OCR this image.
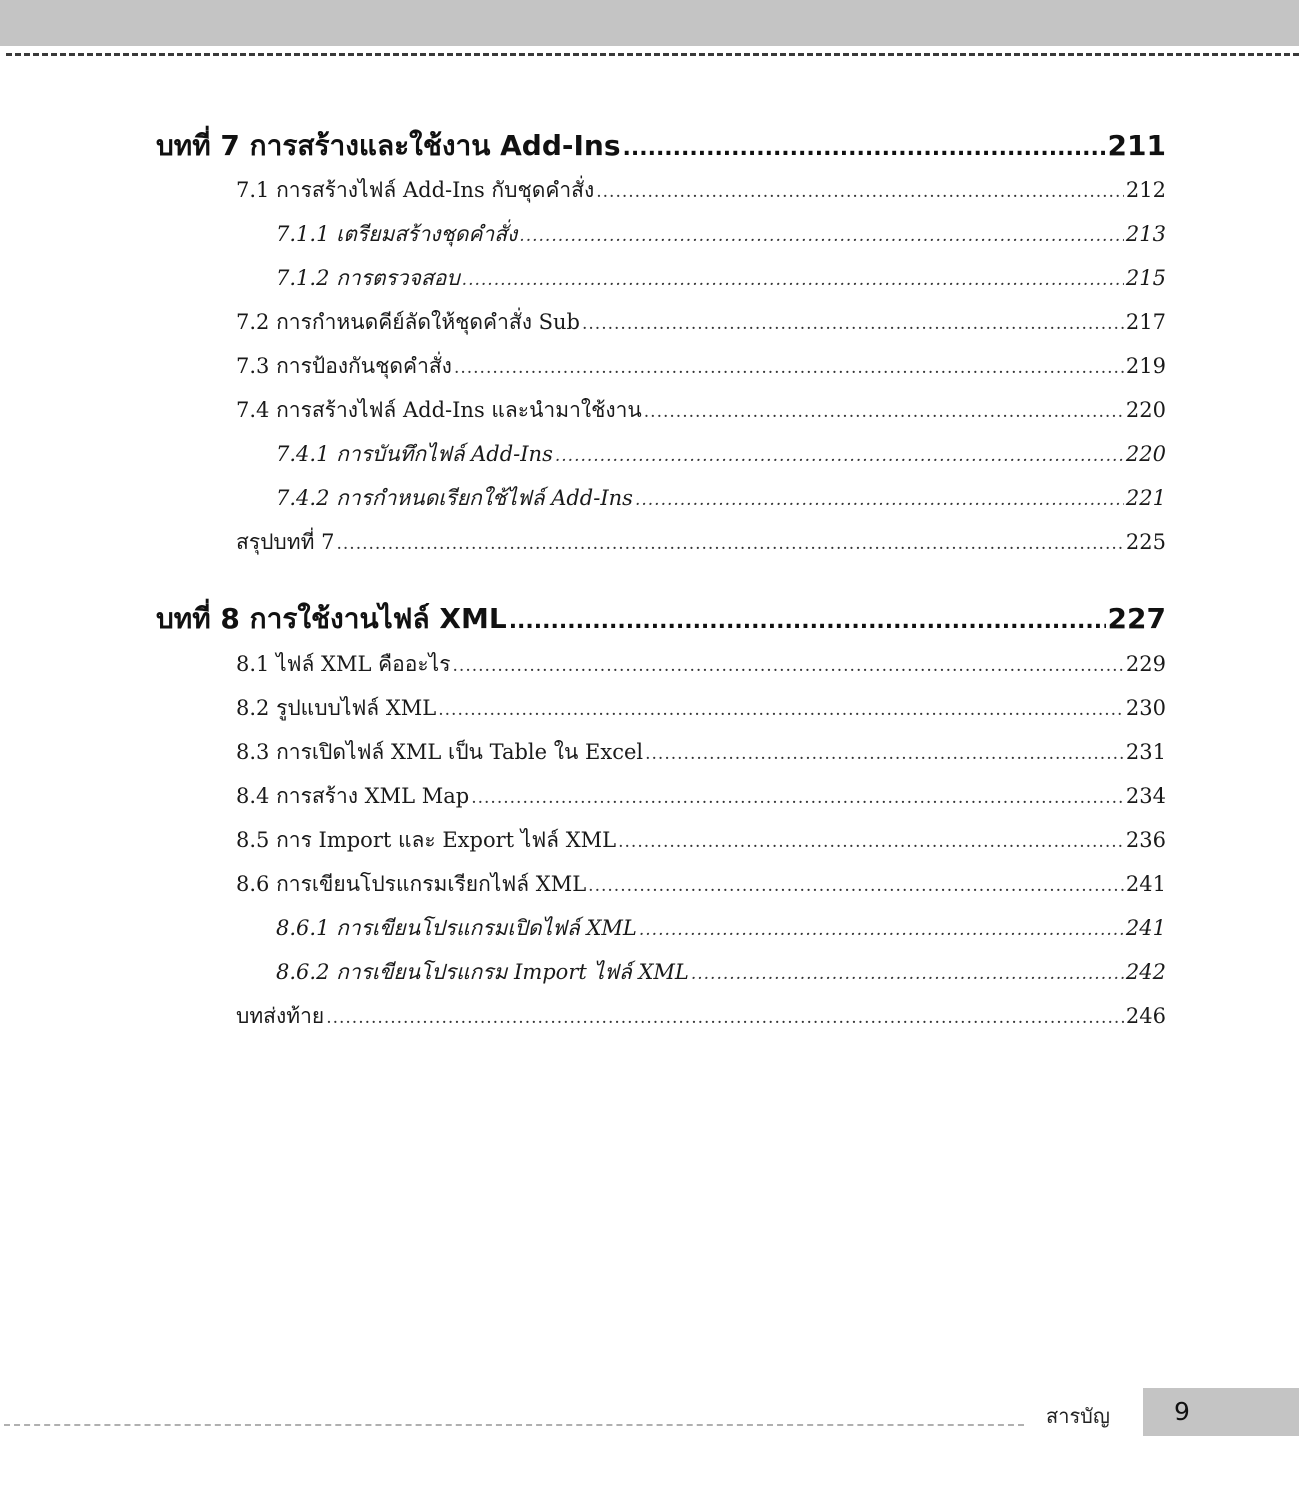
บทที่ 7 การสร้างและใช้งาน Add-Ins .....	211
7.1 การสร้างไฟล์ Add-Ins กับชุดคำสั่ง .....	212
7.1.1 เตรียมสร้างชุดคำสั่ง .....	213
7.1.2 การตรวจสอบ .....	215
7.2 การกำหนดคีย์ลัดให้ชุดคำสั่ง Sub .....	217
7.3 การป้องกันชุดคำสั่ง .....	219
7.4 การสร้างไฟล์ Add-Ins และนำมาใช้งาน .....	220
7.4.1 การบันทึกไฟล์ Add-Ins .....	220
7.4.2 การกำหนดเรียกใช้ไฟล์ Add-Ins .....	221
สรุปบทที่ 7 .....	225
บทที่ 8 การใช้งานไฟล์ XML .....	227
8.1 ไฟล์ XML คืออะไร .....	229
8.2 รูปแบบไฟล์ XML .....	230
8.3 การเปิดไฟล์ XML เป็น Table ใน Excel .....	231
8.4 การสร้าง XML Map .....	234
8.5 การ Import และ Export ไฟล์ XML .....	236
8.6 การเขียนโปรแกรมเรียกไฟล์ XML .....	241
8.6.1 การเขียนโปรแกรมเปิดไฟล์ XML .....	241
8.6.2 การเขียนโปรแกรม Import ไฟล์ XML .....	242
บทส่งท้าย .....	246
สารบัญ	9
